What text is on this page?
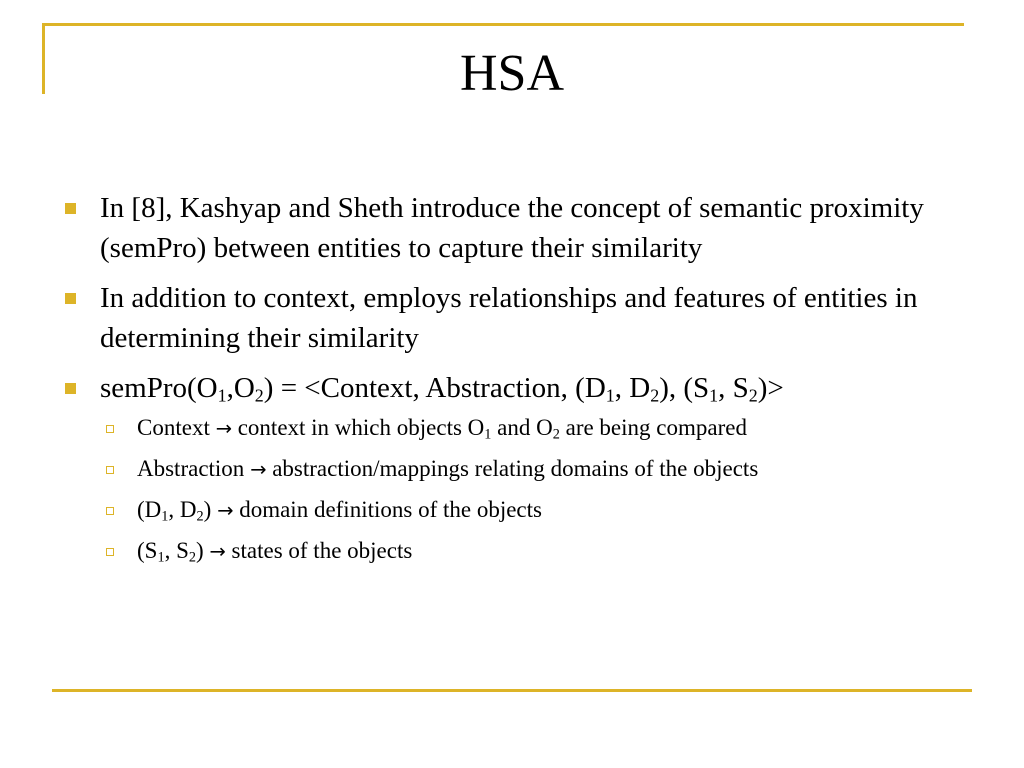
HSA
In [8], Kashyap and Sheth introduce the concept of semantic proximity (semPro) between entities to capture their similarity
In addition to context, employs relationships and features of entities in determining their similarity
$semPro(O_1,O_2)$ = <Context, Abstraction, ($D_1$, $D_2$), ($S_1$, $S_2)>$
Context → context in which objects $O_1$ and $O_2$ are being compared
Abstraction → abstraction/mappings relating domains of the objects
($D_1$, $D_2$) → domain definitions of the objects
($S_1$, $S_2$) → states of the objects
